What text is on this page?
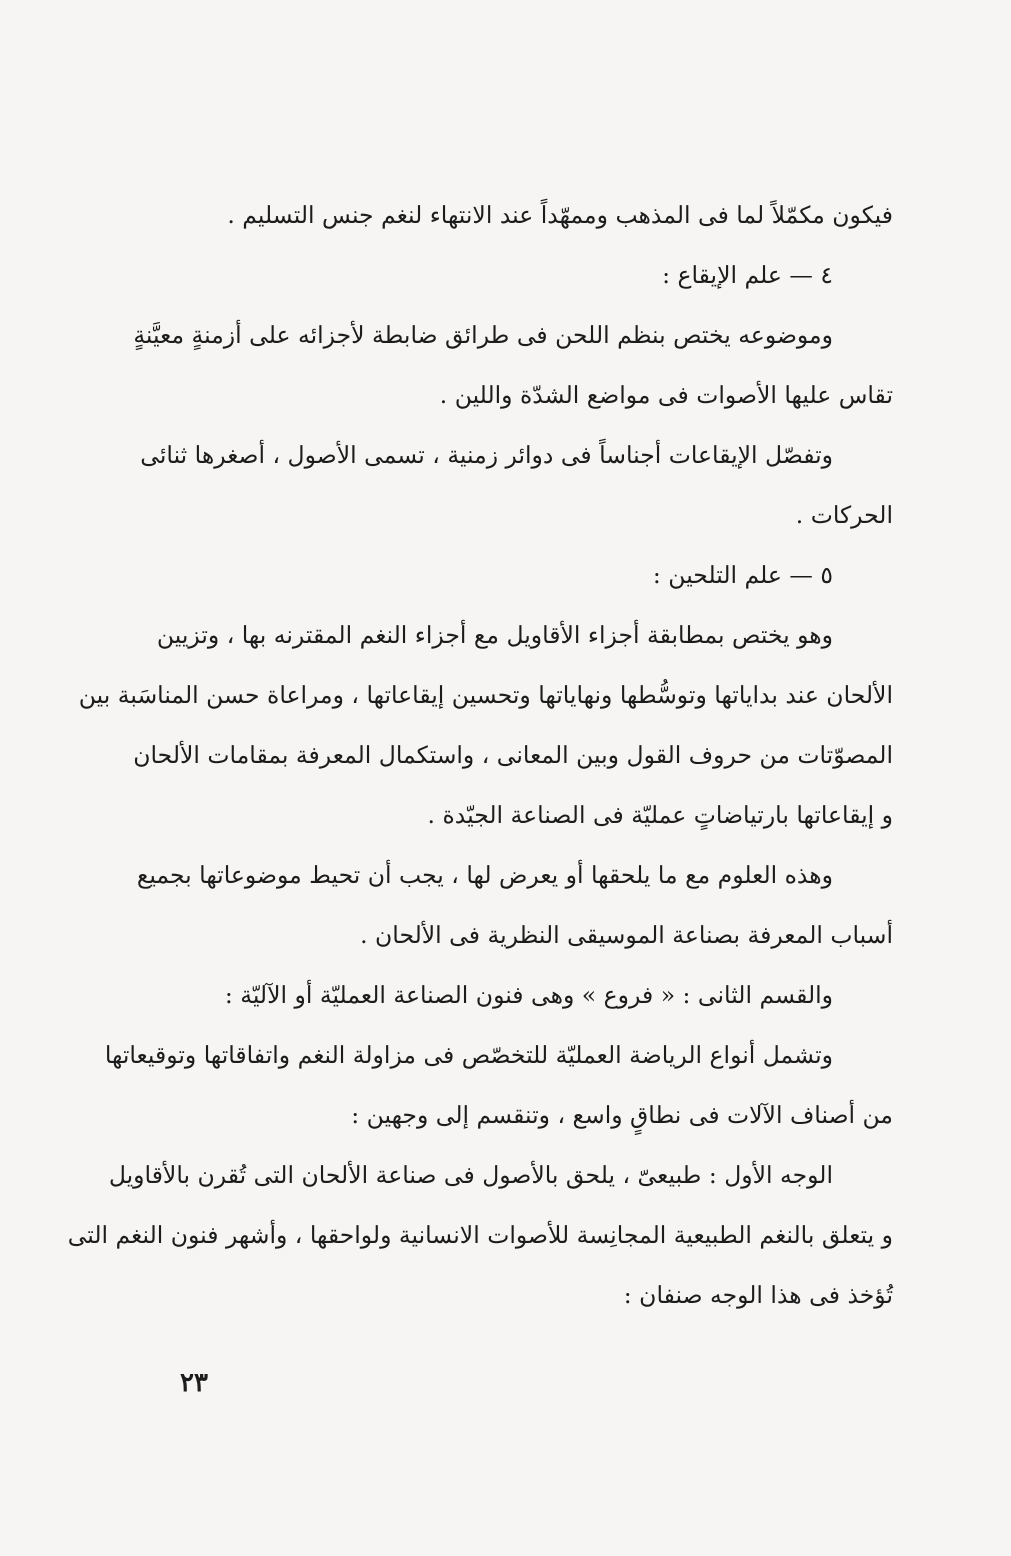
فيكون مكمّلاً لما فى المذهب وممهّداً عند الانتهاء لنغم جنس التسليم .
٤ — علم الإيقاع :
وموضوعه يختص بنظم اللحن فى طرائق ضابطة لأجزائه على أزمنةٍ معيَّنةٍ
تقاس عليها الأصوات فى مواضع الشدّة واللين .
وتفصّل الإيقاعات أجناساً فى دوائر زمنية ، تسمى الأصول ، أصغرها ثنائى
الحركات .
٥ — علم التلحين :
وهو يختص بمطابقة أجزاء الأقاويل مع أجزاء النغم المقترنه بها ، وتزيين
الألحان عند بداياتها وتوسُّطها ونهاياتها وتحسين إيقاعاتها ، ومراعاة حسن المناسَبة بين
المصوّتات من حروف القول وبين المعانى ، واستكمال المعرفة بمقامات الألحان
و إيقاعاتها بارتياضاتٍ عمليّة فى الصناعة الجيّدة .
وهذه العلوم مع ما يلحقها أو يعرض لها ، يجب أن تحيط موضوعاتها بجميع
أسباب المعرفة بصناعة الموسيقى النظرية فى الألحان .
والقسم الثانى : « فروع » وهى فنون الصناعة العمليّة أو الآليّة :
وتشمل أنواع الرياضة العمليّة للتخصّص فى مزاولة النغم واتفاقاتها وتوقيعاتها
من أصناف الآلات فى نطاقٍ واسع ، وتنقسم إلى وجهين :
الوجه الأول : طبيعىّ ، يلحق بالأصول فى صناعة الألحان التى تُقرن بالأقاويل
و يتعلق بالنغم الطبيعية المجانِسة للأصوات الانسانية ولواحقها ، وأشهر فنون النغم التى
تُؤخذ فى هذا الوجه صنفان :
٢٣
